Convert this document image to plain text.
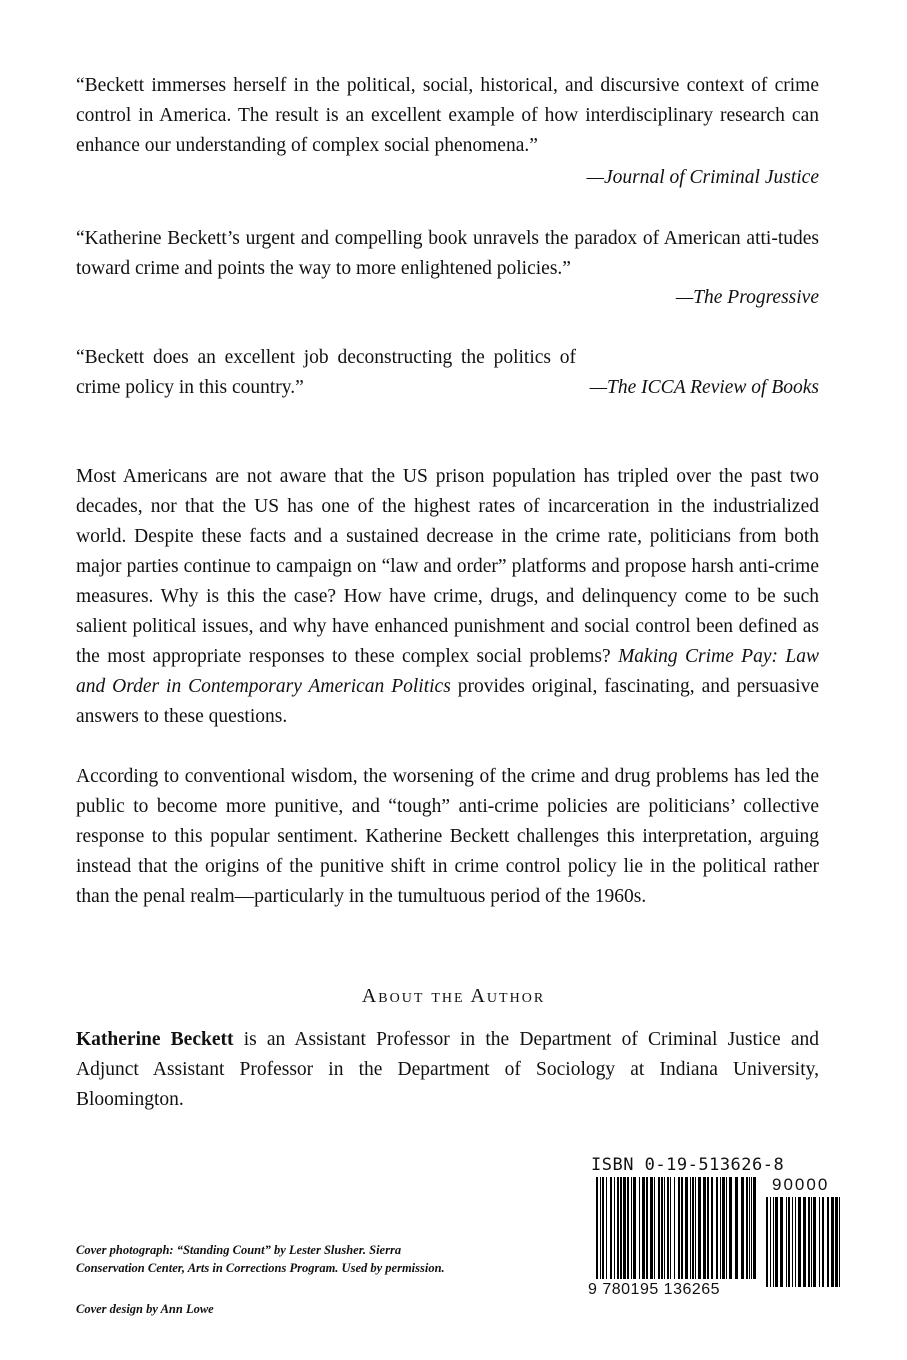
“Beckett immerses herself in the political, social, historical, and discursive context of crime control in America. The result is an excellent example of how interdisciplinary research can enhance our understanding of complex social phenomena.”
—Journal of Criminal Justice
“Katherine Beckett’s urgent and compelling book unravels the paradox of American atti-tudes toward crime and points the way to more enlightened policies.”
—The Progressive
“Beckett does an excellent job deconstructing the politics of crime policy in this country.”	—The ICCA Review of Books
Most Americans are not aware that the US prison population has tripled over the past two decades, nor that the US has one of the highest rates of incarceration in the industrialized world. Despite these facts and a sustained decrease in the crime rate, politicians from both major parties continue to campaign on “law and order” platforms and propose harsh anti-crime measures. Why is this the case? How have crime, drugs, and delinquency come to be such salient political issues, and why have enhanced punishment and social control been defined as the most appropriate responses to these complex social problems? Making Crime Pay: Law and Order in Contemporary American Politics provides original, fascinating, and persuasive answers to these questions.
According to conventional wisdom, the worsening of the crime and drug problems has led the public to become more punitive, and “tough” anti-crime policies are politicians’ collective response to this popular sentiment. Katherine Beckett challenges this interpretation, arguing instead that the origins of the punitive shift in crime control policy lie in the political rather than the penal realm—particularly in the tumultuous period of the 1960s.
About the Author
Katherine Beckett is an Assistant Professor in the Department of Criminal Justice and Adjunct Assistant Professor in the Department of Sociology at Indiana University, Bloomington.
Cover photograph: “Standing Count” by Lester Slusher. Sierra Conservation Center, Arts in Corrections Program. Used by permission.
Cover design by Ann Lowe
ISBN 0-19-513626-8
9 780195 136265
90000
